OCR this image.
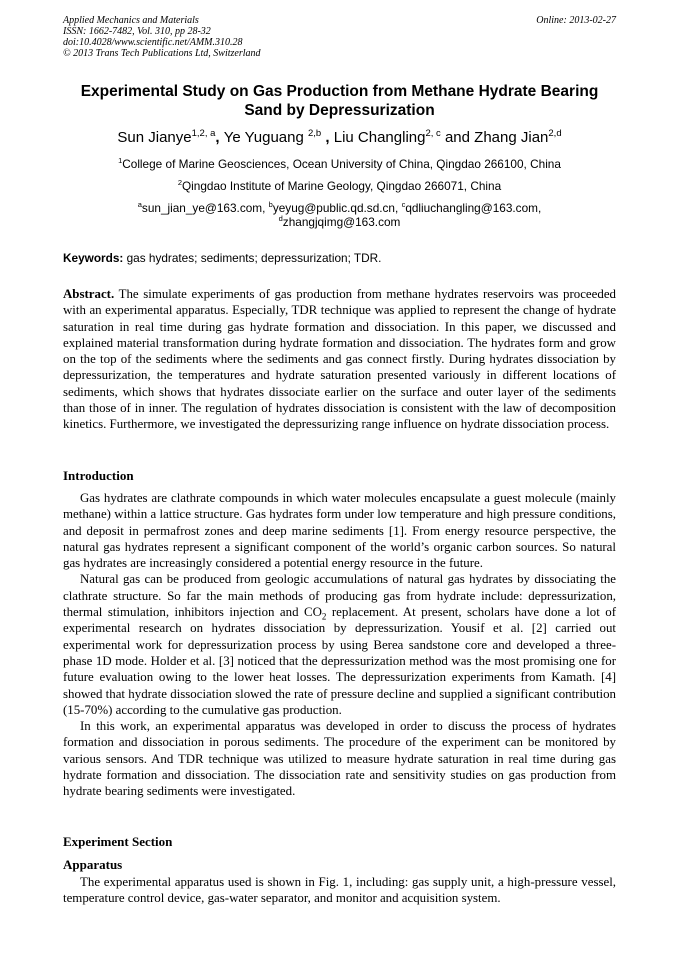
Applied Mechanics and Materials
ISSN: 1662-7482, Vol. 310, pp 28-32
doi:10.4028/www.scientific.net/AMM.310.28
© 2013 Trans Tech Publications Ltd, Switzerland
Online: 2013-02-27
Experimental Study on Gas Production from Methane Hydrate Bearing
Sand by Depressurization
Sun Jianye$^{1,2, a}$, Ye Yuguang $^{2,b}$ , Liu Changling$^{2, c}$ and Zhang Jian$^{2,d}$
$^1$College of Marine Geosciences, Ocean University of China, Qingdao 266100, China
$^2$Qingdao Institute of Marine Geology, Qingdao 266071, China
$^a$sun_jian_ye@163.com, $^b$yeyug@public.qd.sd.cn, $^c$qdliuchangling@163.com,
$^d$zhangjqimg@163.com
Keywords: gas hydrates; sediments; depressurization; TDR.

Abstract. The simulate experiments of gas production from methane hydrates reservoirs was proceeded with an experimental apparatus. Especially, TDR technique was applied to represent the change of hydrate saturation in real time during gas hydrate formation and dissociation. In this paper, we discussed and explained material transformation during hydrate formation and dissociation. The hydrates form and grow on the top of the sediments where the sediments and gas connect firstly. During hydrates dissociation by depressurization, the temperatures and hydrate saturation presented variously in different locations of sediments, which shows that hydrates dissociate earlier on the surface and outer layer of the sediments than those of in inner. The regulation of hydrates dissociation is consistent with the law of decomposition kinetics. Furthermore, we investigated the depressurizing range influence on hydrate dissociation process.

Introduction

Gas hydrates are clathrate compounds in which water molecules encapsulate a guest molecule (mainly methane) within a lattice structure. Gas hydrates form under low temperature and high pressure conditions, and deposit in permafrost zones and deep marine sediments [1]. From energy resource perspective, the natural gas hydrates represent a significant component of the world’s organic carbon sources. So natural gas hydrates are increasingly considered a potential energy resource in the future.

Natural gas can be produced from geologic accumulations of natural gas hydrates by dissociating the clathrate structure. So far the main methods of producing gas from hydrate include: depressurization, thermal stimulation, inhibitors injection and $CO_2$ replacement. At present, scholars have done a lot of experimental research on hydrates dissociation by depressurization. Yousif et al. [2] carried out experimental work for depressurization process by using Berea sandstone core and developed a three-phase 1D mode. Holder et al. [3] noticed that the depressurization method was the most promising one for future evaluation owing to the lower heat losses. The depressurization experiments from Kamath. [4] showed that hydrate dissociation slowed the rate of pressure decline and supplied a significant contribution (15-70%) according to the cumulative gas production.

In this work, an experimental apparatus was developed in order to discuss the process of hydrates formation and dissociation in porous sediments. The procedure of the experiment can be monitored by various sensors. And TDR technique was utilized to measure hydrate saturation in real time during gas hydrate formation and dissociation. The dissociation rate and sensitivity studies on gas production from hydrate bearing sediments were investigated.

Experiment Section
Apparatus

The experimental apparatus used is shown in Fig. 1, including: gas supply unit, a high-pressure vessel, temperature control device, gas-water separator, and monitor and acquisition system.
